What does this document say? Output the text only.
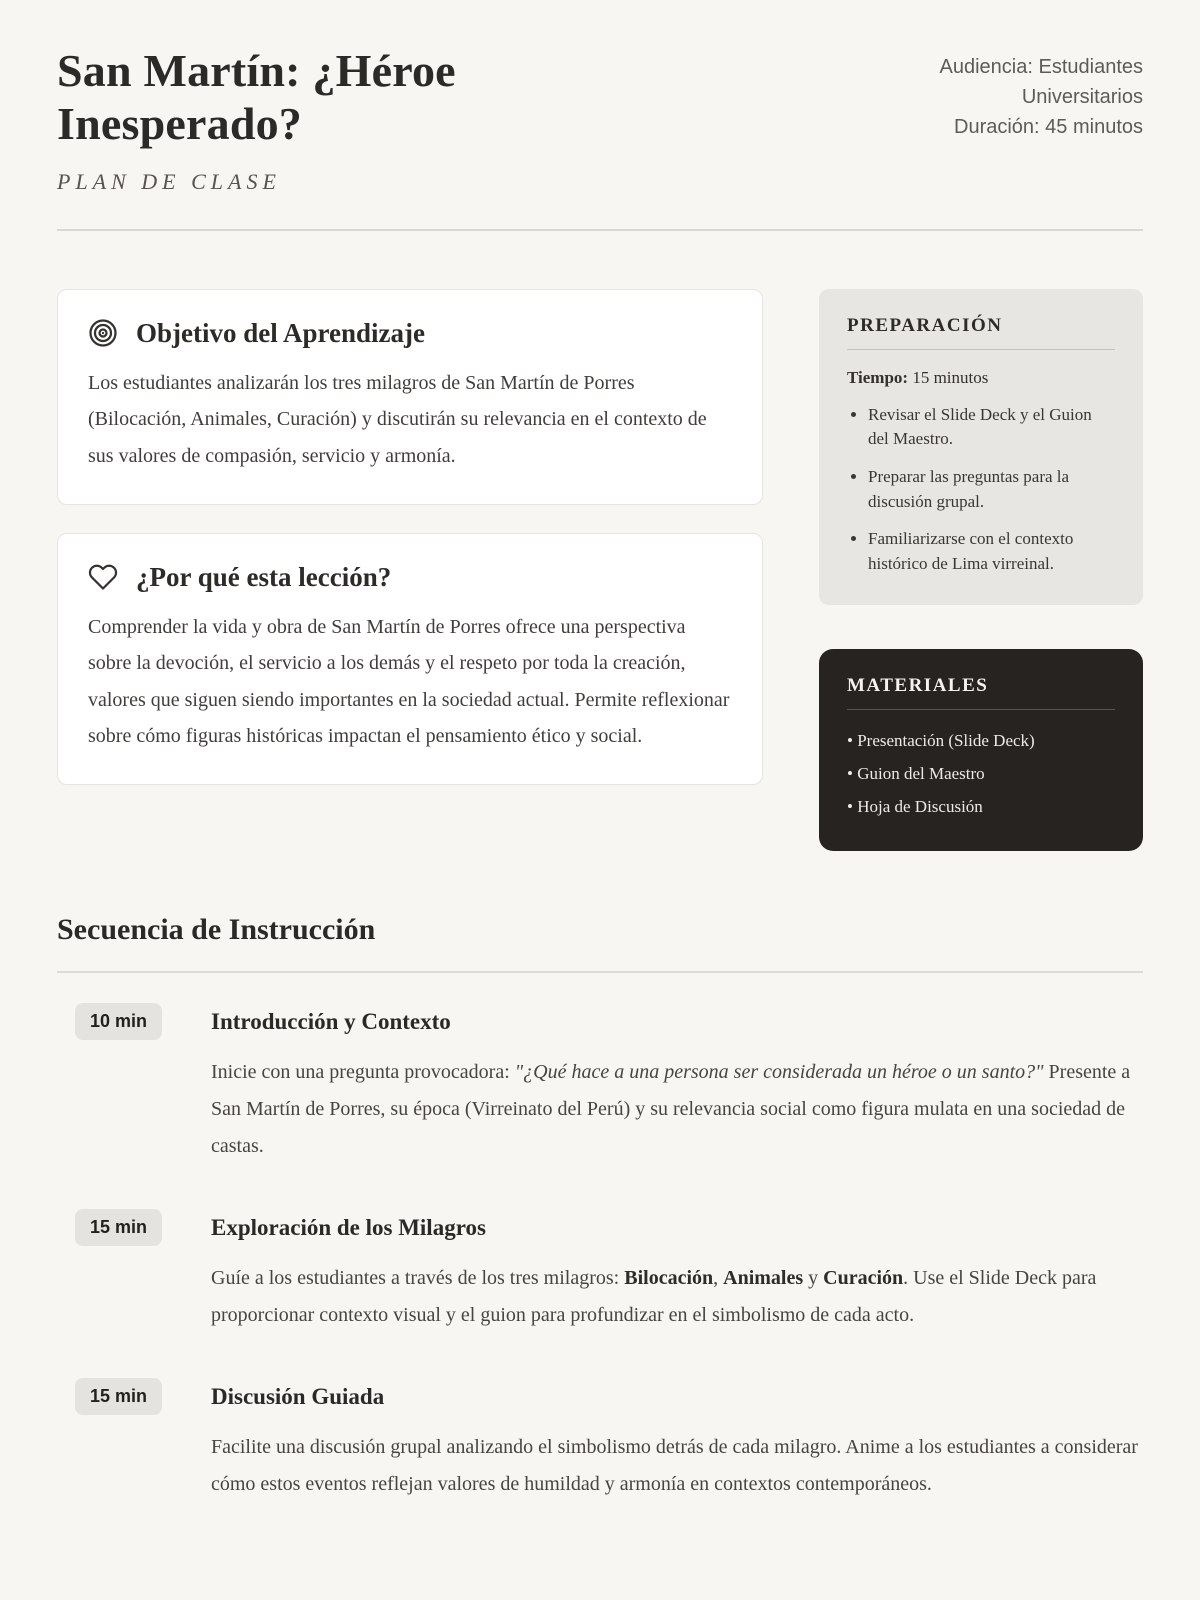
San Martín: ¿Héroe Inesperado?
PLAN DE CLASE
Audiencia: Estudiantes Universitarios
Duración: 45 minutos
Objetivo del Aprendizaje
Los estudiantes analizarán los tres milagros de San Martín de Porres (Bilocación, Animales, Curación) y discutirán su relevancia en el contexto de sus valores de compasión, servicio y armonía.
¿Por qué esta lección?
Comprender la vida y obra de San Martín de Porres ofrece una perspectiva sobre la devoción, el servicio a los demás y el respeto por toda la creación, valores que siguen siendo importantes en la sociedad actual. Permite reflexionar sobre cómo figuras históricas impactan el pensamiento ético y social.
PREPARACIÓN
Tiempo: 15 minutos
• Revisar el Slide Deck y el Guion del Maestro.
• Preparar las preguntas para la discusión grupal.
• Familiarizarse con el contexto histórico de Lima virreinal.
MATERIALES
• Presentación (Slide Deck)
• Guion del Maestro
• Hoja de Discusión
Secuencia de Instrucción
10 min	Introducción y Contexto
Inicie con una pregunta provocadora: "¿Qué hace a una persona ser considerada un héroe o un santo?" Presente a San Martín de Porres, su época (Virreinato del Perú) y su relevancia social como figura mulata en una sociedad de castas.
15 min	Exploración de los Milagros
Guíe a los estudiantes a través de los tres milagros: Bilocación, Animales y Curación. Use el Slide Deck para proporcionar contexto visual y el guion para profundizar en el simbolismo de cada acto.
15 min	Discusión Guiada
Facilite una discusión grupal analizando el simbolismo detrás de cada milagro. Anime a los estudiantes a considerar cómo estos eventos reflejan valores de humildad y armonía en contextos contemporáneos.
